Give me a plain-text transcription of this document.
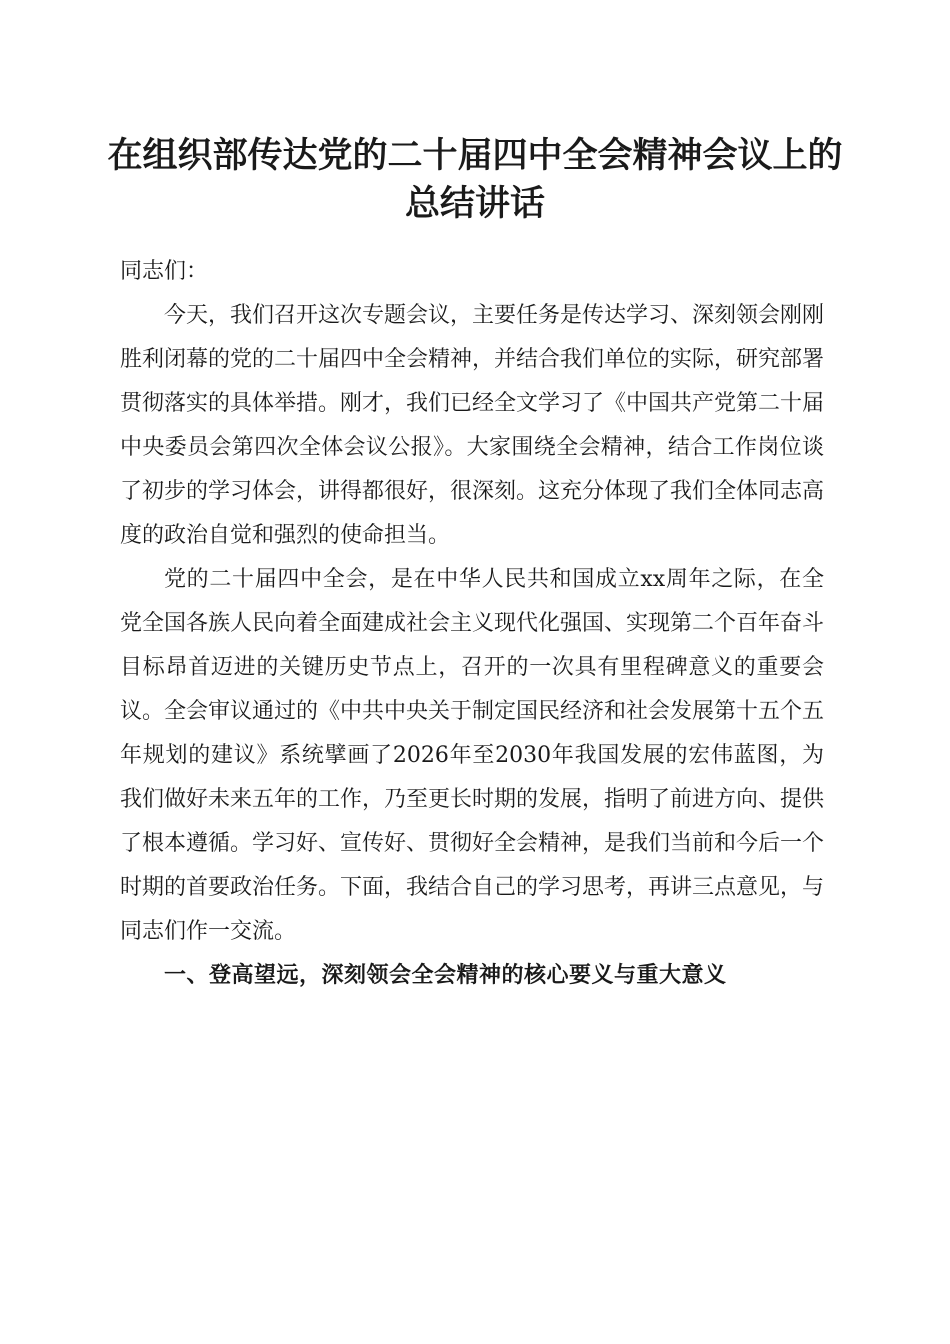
在组织部传达党的二十届四中全会精神会议上的总结讲话

同志们：

今天，我们召开这次专题会议，主要任务是传达学习、深刻领会刚刚胜利闭幕的党的二十届四中全会精神，并结合我们单位的实际，研究部署贯彻落实的具体举措。刚才，我们已经全文学习了《中国共产党第二十届中央委员会第四次全体会议公报》。大家围绕全会精神，结合工作岗位谈了初步的学习体会，讲得都很好，很深刻。这充分体现了我们全体同志高度的政治自觉和强烈的使命担当。

党的二十届四中全会，是在中华人民共和国成立xx周年之际，在全党全国各族人民向着全面建成社会主义现代化强国、实现第二个百年奋斗目标昂首迈进的关键历史节点上，召开的一次具有里程碑意义的重要会议。全会审议通过的《中共中央关于制定国民经济和社会发展第十五个五年规划的建议》系统擘画了2026年至2030年我国发展的宏伟蓝图，为我们做好未来五年的工作，乃至更长时期的发展，指明了前进方向、提供了根本遵循。学习好、宣传好、贯彻好全会精神，是我们当前和今后一个时期的首要政治任务。下面，我结合自己的学习思考，再讲三点意见，与同志们作一交流。

一、登高望远，深刻领会全会精神的核心要义与重大意义
